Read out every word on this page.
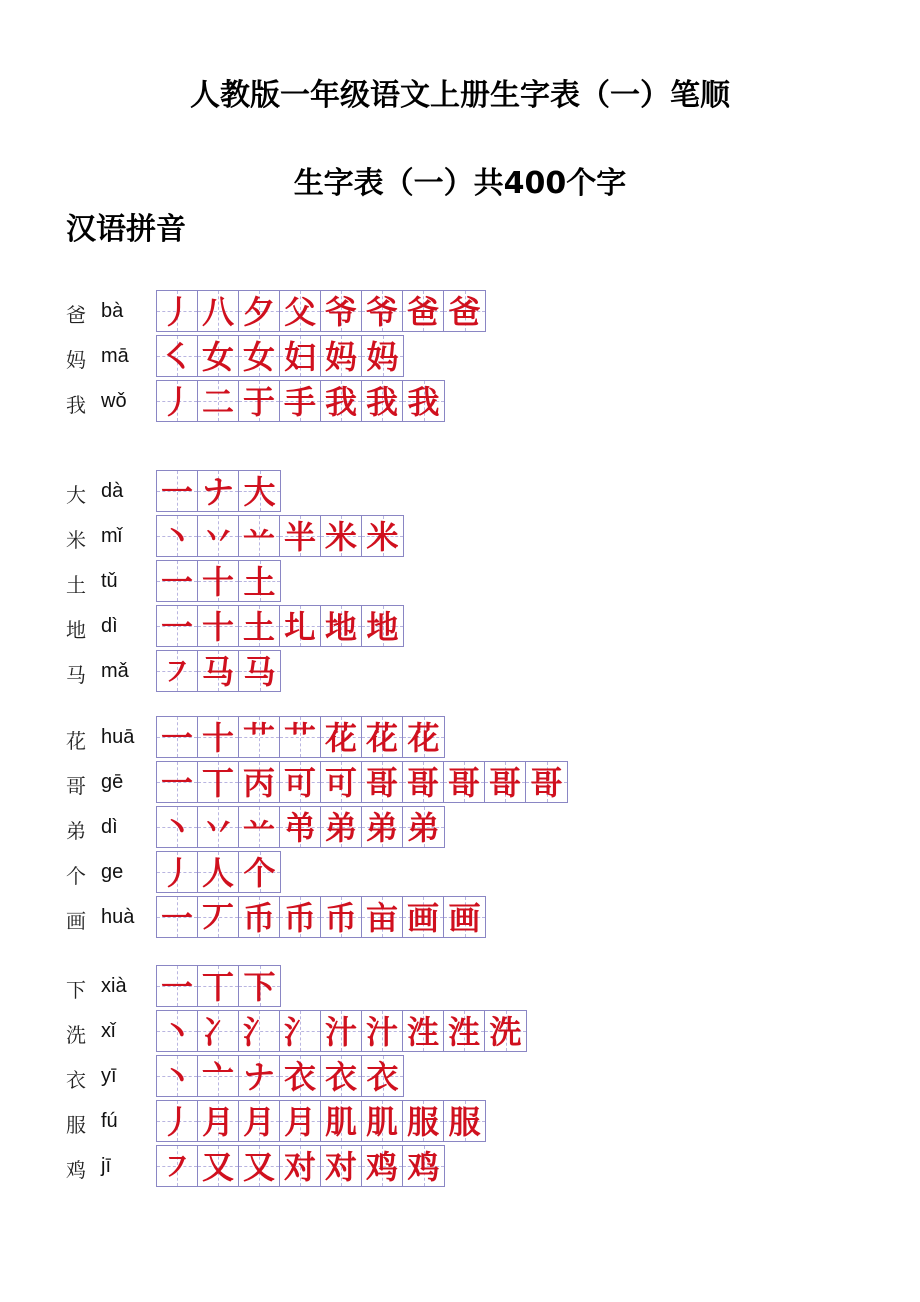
人教版一年级语文上册生字表（一）笔顺
生字表（一）共400个字
汉语拼音
爸 bà 丿 八 夕 父 爷 爷 爸 爸
妈 mā ㇛ 女 女 妇 妈 妈
我 wǒ 丿 二 于 手 我 我 我
大 dà 一 ナ 大
米 mǐ 丶 丷 䒑 半 米 米
土 tǔ 一 十 土
地 dì 一 十 土 圠 地 地
马 mǎ ㇇ 马 马
花 huā 一 十 艹 艹 花 花 花
哥 gē 一 丅 丙 可 可 哥 哥 哥 哥 哥
弟 dì 丶 丷 䒑 弚 弟 弟 弟
个 ge 丿 人 个
画 huà 一 丆 币 币 币 亩 画 画
下 xià 一 丅 下
洗 xǐ 丶 冫 氵 氵 汁 汁 泩 泩 洗
衣 yī 丶 亠 ナ 衣 衣 衣
服 fú 丿 月 月 月 肌 肌 服 服
鸡 jī ㇇ 又 又 对 对 鸡 鸡
